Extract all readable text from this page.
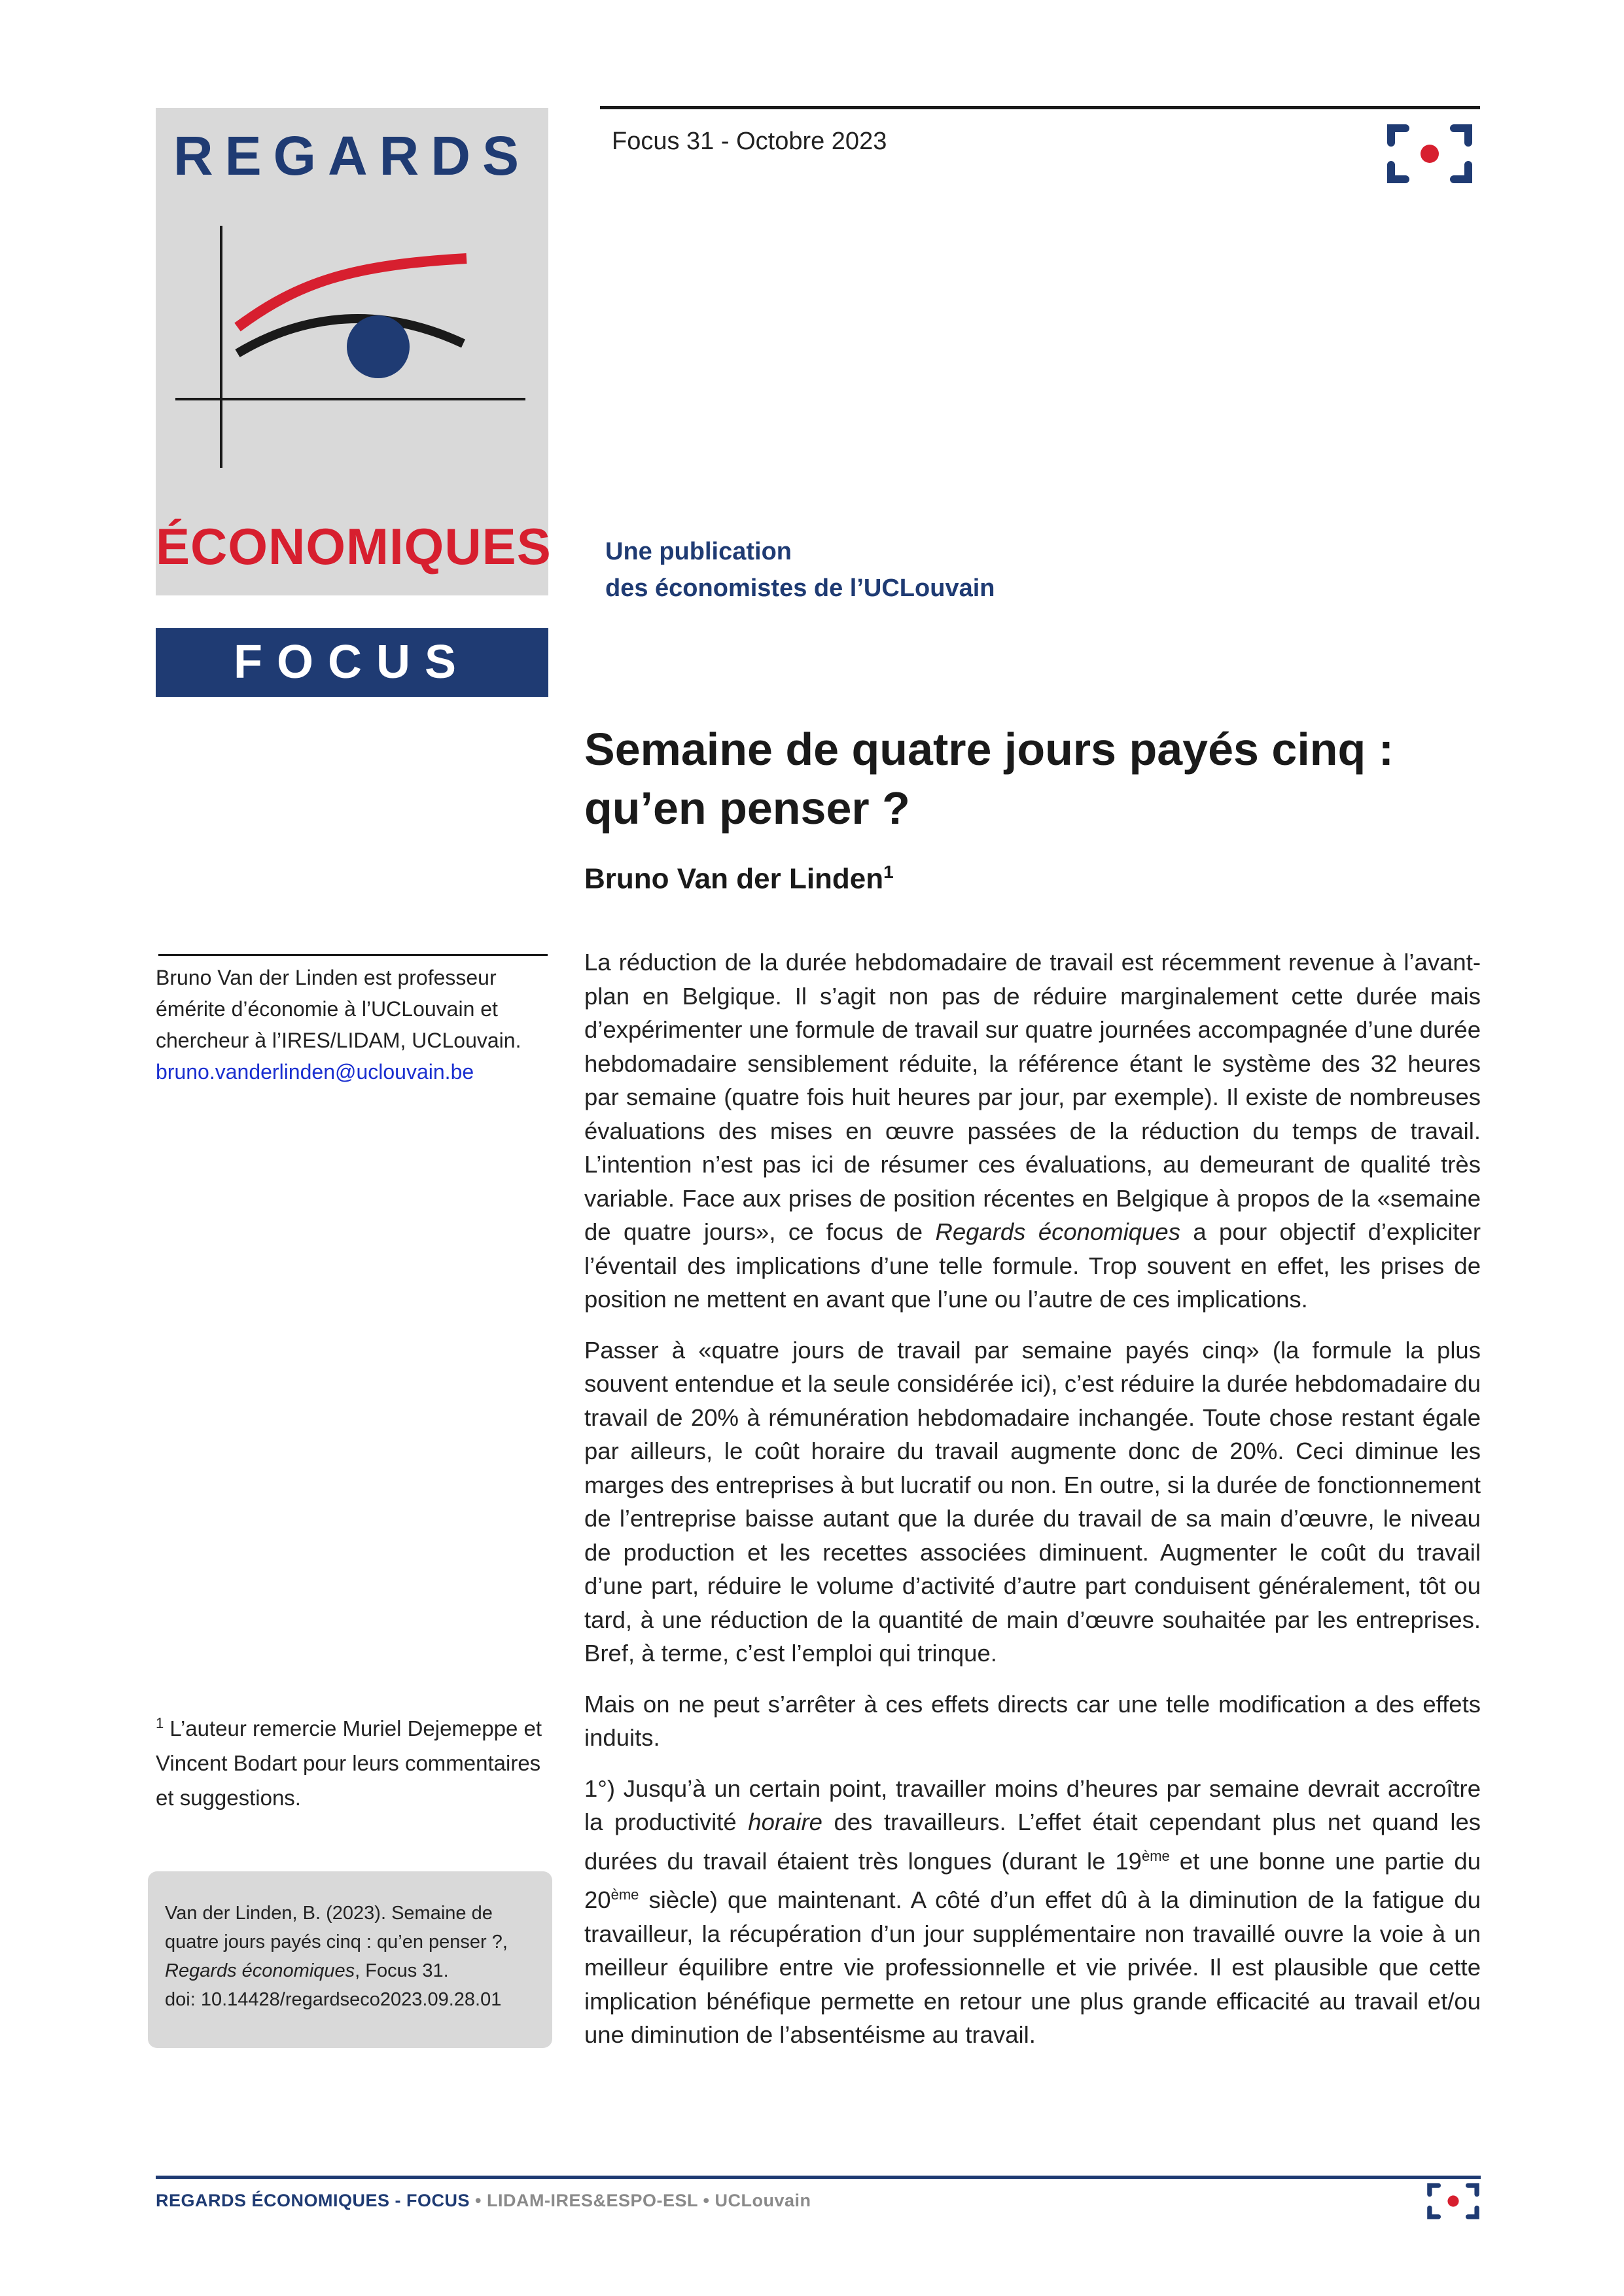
REGARDS
ÉCONOMIQUES
FOCUS
Focus 31 - Octobre 2023
Une publication
des économistes de l’UCLouvain
Semaine de quatre jours payés cinq :
qu’en penser ?
Bruno Van der Linden$^1$
Bruno Van der Linden est professeur émérite d’économie à l’UCLouvain et chercheur à l’IRES/LIDAM, UCLouvain.
bruno.vanderlinden@uclouvain.be
$^1$ L’auteur remercie Muriel Dejemeppe et Vincent Bodart pour leurs commentaires et suggestions.
Van der Linden, B. (2023). Semaine de quatre jours payés cinq : qu’en penser ?, Regards économiques, Focus 31.
doi: 10.14428/regardseco2023.09.28.01

La réduction de la durée hebdomadaire de travail est récemment revenue à l’avant-plan en Belgique. Il s’agit non pas de réduire marginalement cette durée mais d’expérimenter une formule de travail sur quatre journées accompagnée d’une durée hebdomadaire sensiblement réduite, la référence étant le système des 32 heures par semaine (quatre fois huit heures par jour, par exemple). Il existe de nombreuses évaluations des mises en œuvre passées de la réduction du temps de travail. L’intention n’est pas ici de résumer ces évaluations, au demeurant de qualité très variable. Face aux prises de position récentes en Belgique à propos de la «semaine de quatre jours», ce focus de Regards économiques a pour objectif d’expliciter l’éventail des implications d’une telle formule. Trop souvent en effet, les prises de position ne mettent en avant que l’une ou l’autre de ces implications.

Passer à «quatre jours de travail par semaine payés cinq» (la formule la plus souvent entendue et la seule considérée ici), c’est réduire la durée hebdomadaire du travail de 20% à rémunération hebdomadaire inchangée. Toute chose restant égale par ailleurs, le coût horaire du travail augmente donc de 20%. Ceci diminue les marges des entreprises à but lucratif ou non. En outre, si la durée de fonctionnement de l’entreprise baisse autant que la durée du travail de sa main d’œuvre, le niveau de production et les recettes associées diminuent. Augmenter le coût du travail d’une part, réduire le volume d’activité d’autre part conduisent généralement, tôt ou tard, à une réduction de la quantité de main d’œuvre souhaitée par les entreprises. Bref, à terme, c’est l’emploi qui trinque.

Mais on ne peut s’arrêter à ces effets directs car une telle modification a des effets induits.

1°) Jusqu’à un certain point, travailler moins d’heures par semaine devrait accroître la productivité horaire des travailleurs. L’effet était cependant plus net quand les durées du travail étaient très longues (durant le 19ème et une bonne une partie du 20ème siècle) que maintenant. A côté d’un effet dû à la diminution de la fatigue du travailleur, la récupération d’un jour supplémentaire non travaillé ouvre la voie à un meilleur équilibre entre vie professionnelle et vie privée. Il est plausible que cette implication bénéfique permette en retour une plus grande efficacité au travail et/ou une diminution de l’absentéisme au travail.

REGARDS ÉCONOMIQUES - FOCUS • LIDAM-IRES&ESPO-ESL • UCLouvain
